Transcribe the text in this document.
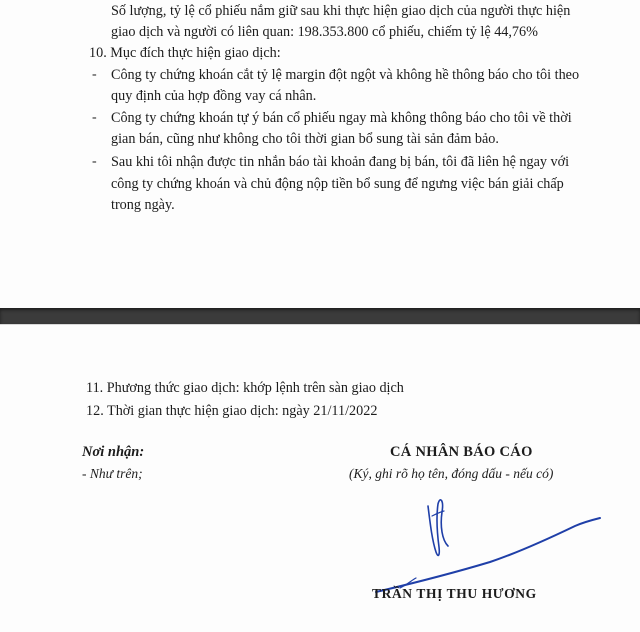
Số lượng, tỷ lệ cổ phiếu nắm giữ sau khi thực hiện giao dịch của người thực hiện
giao dịch và người có liên quan: 198.353.800 cổ phiếu, chiếm tỷ lệ 44,76%
10. Mục đích thực hiện giao dịch:
- Công ty chứng khoán cắt tỷ lệ margin đột ngột và không hề thông báo cho tôi theo
quy định của hợp đồng vay cá nhân.
- Công ty chứng khoán tự ý bán cổ phiếu ngay mà không thông báo cho tôi về thời
gian bán, cũng như không cho tôi thời gian bổ sung tài sản đảm bảo.
- Sau khi tôi nhận được tin nhắn báo tài khoản đang bị bán, tôi đã liên hệ ngay với
công ty chứng khoán và chủ động nộp tiền bổ sung để ngưng việc bán giải chấp
trong ngày.
11. Phương thức giao dịch: khớp lệnh trên sàn giao dịch
12. Thời gian thực hiện giao dịch: ngày 21/11/2022
Nơi nhận:
- Như trên;
CÁ NHÂN BÁO CÁO
(Ký, ghi rõ họ tên, đóng dấu - nếu có)
TRẦN THỊ THU HƯƠNG
